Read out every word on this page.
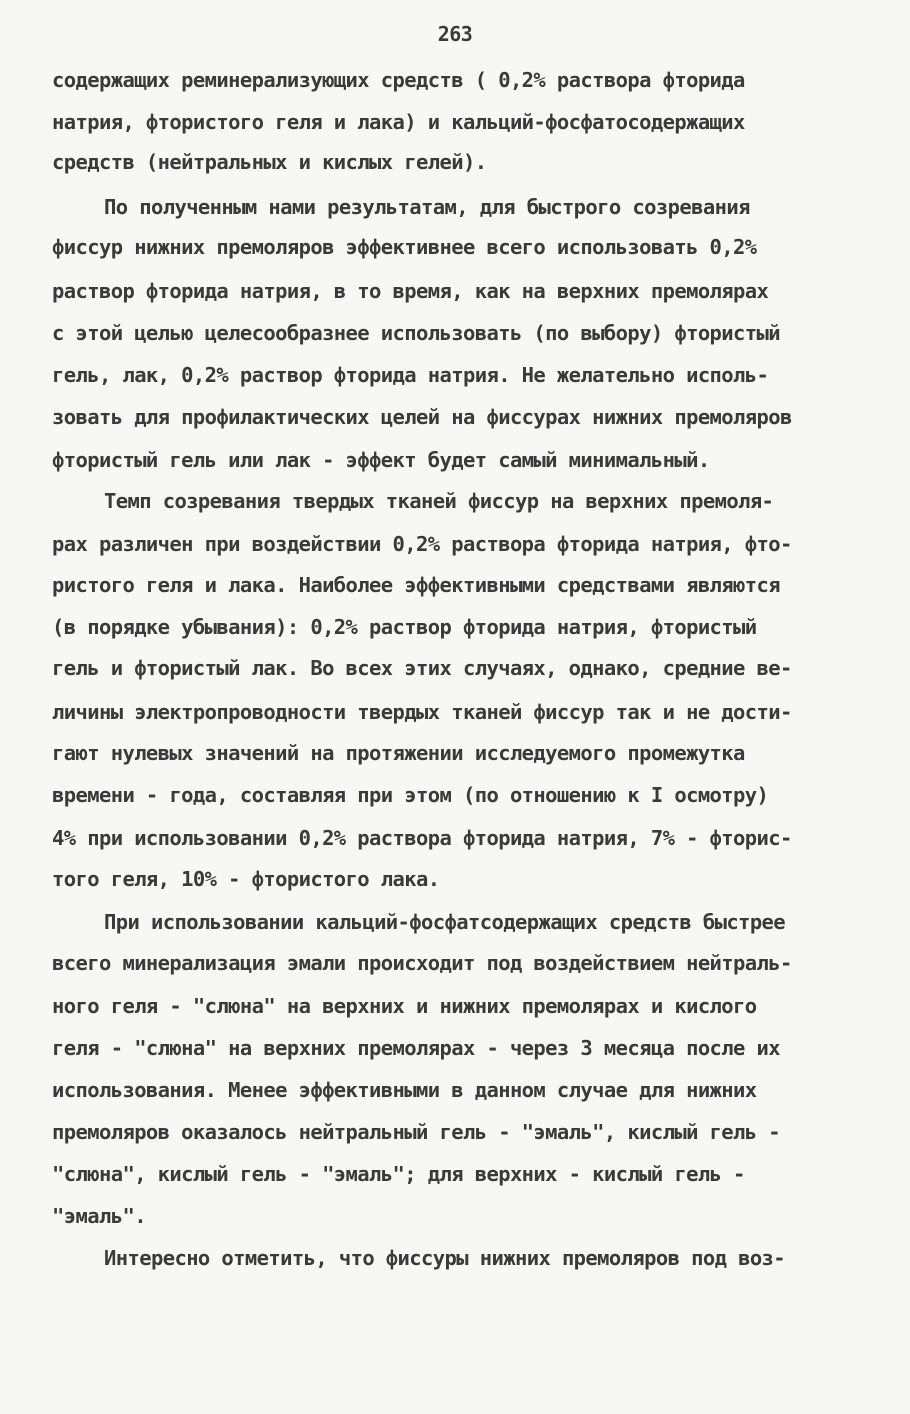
263
содержащих реминерализующих средств ( 0,2% раствора фторида
натрия, фтористого геля и лака) и кальций-фосфатосодержащих
средств (нейтральных и кислых гелей).
По полученным нами результатам, для быстрого созревания
фиссур нижних премоляров эффективнее всего использовать 0,2%
раствор фторида натрия, в то время, как на верхних премолярах
с этой целью целесообразнее использовать (по выбору) фтористый
гель, лак, 0,2% раствор фторида натрия. Не желательно исполь-
зовать для профилактических целей на фиссурах нижних премоляров
фтористый гель или лак - эффект будет самый минимальный.
Темп созревания твердых тканей фиссур на верхних премоля-
рах различен при воздействии 0,2% раствора фторида натрия, фто-
ристого геля и лака. Наиболее эффективными средствами являются
(в порядке убывания): 0,2% раствор фторида натрия, фтористый
гель и фтористый лак. Во всех этих случаях, однако, средние ве-
личины электропроводности твердых тканей фиссур так и не дости-
гают нулевых значений на протяжении исследуемого промежутка
времени - года, составляя при этом (по отношению к I осмотру)
4% при использовании 0,2% раствора фторида натрия, 7% - фторис-
того геля, 10% - фтористого лака.
При использовании кальций-фосфатсодержащих средств быстрее
всего минерализация эмали происходит под воздействием нейтраль-
ного геля - "слюна" на верхних и нижних премолярах и кислого
геля - "слюна" на верхних премолярах - через 3 месяца после их
использования. Менее эффективными в данном случае для нижних
премоляров оказалось нейтральный гель - "эмаль", кислый гель -
"слюна", кислый гель - "эмаль"; для верхних - кислый гель -
"эмаль".
Интересно отметить, что фиссуры нижних премоляров под воз-
